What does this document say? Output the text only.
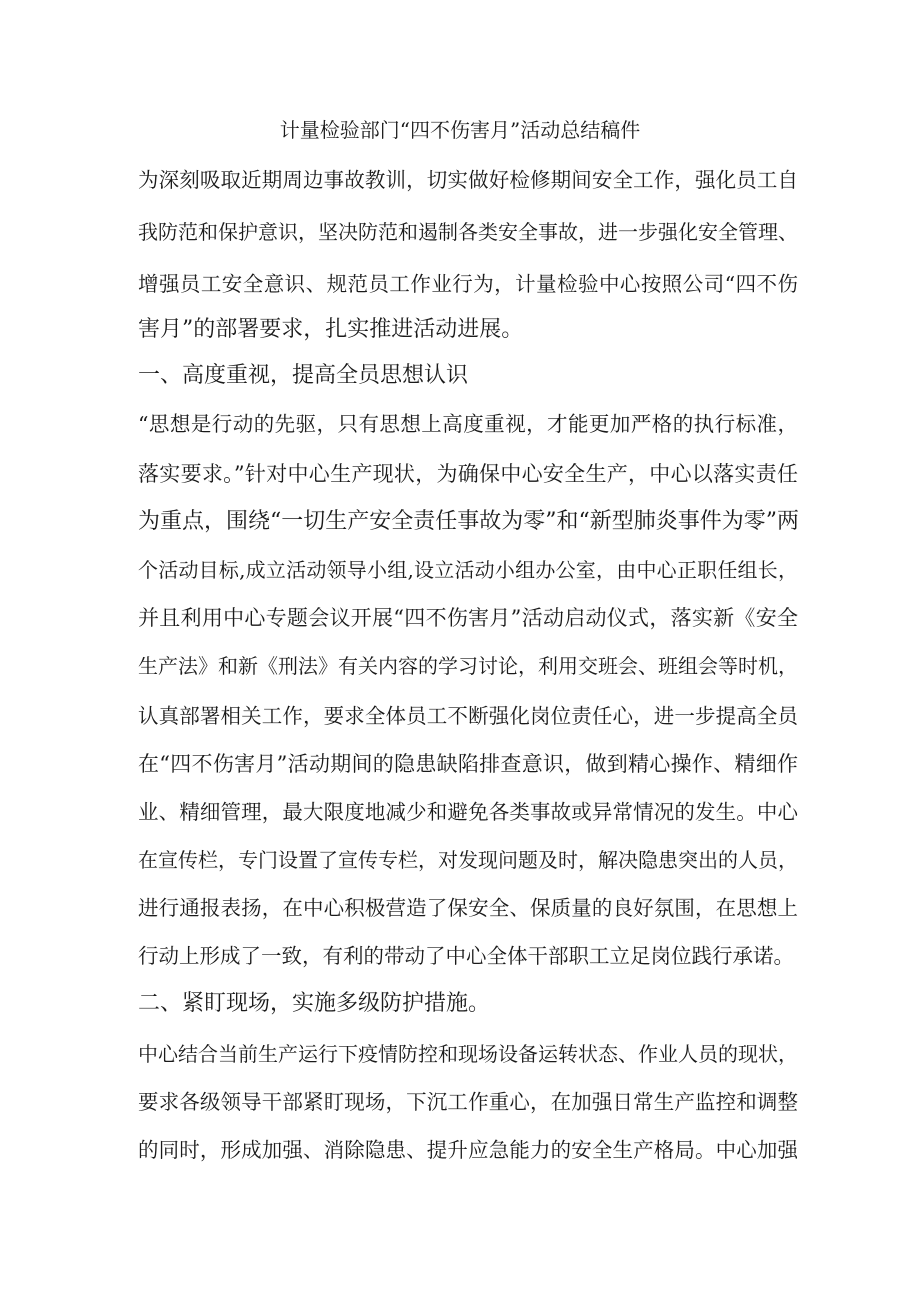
计量检验部门“四不伤害月”活动总结稿件

为深刻吸取近期周边事故教训，切实做好检修期间安全工作，强化员工自

我防范和保护意识，坚决防范和遏制各类安全事故，进一步强化安全管理、

增强员工安全意识、规范员工作业行为，计量检验中心按照公司“四不伤

害月”的部署要求，扎实推进活动进展。

一、高度重视，提高全员思想认识

“思想是行动的先驱，只有思想上高度重视，才能更加严格的执行标准，

落实要求。”针对中心生产现状，为确保中心安全生产，中心以落实责任

为重点，围绕“一切生产安全责任事故为零”和“新型肺炎事件为零”两

个活动目标,成立活动领导小组,设立活动小组办公室，由中心正职任组长，

并且利用中心专题会议开展“四不伤害月”活动启动仪式，落实新《安全

生产法》和新《刑法》有关内容的学习讨论，利用交班会、班组会等时机，

认真部署相关工作，要求全体员工不断强化岗位责任心，进一步提高全员

在“四不伤害月”活动期间的隐患缺陷排查意识，做到精心操作、精细作

业、精细管理，最大限度地减少和避免各类事故或异常情况的发生。中心

在宣传栏，专门设置了宣传专栏，对发现问题及时，解决隐患突出的人员，

进行通报表扬，在中心积极营造了保安全、保质量的良好氛围，在思想上

行动上形成了一致，有利的带动了中心全体干部职工立足岗位践行承诺。

二、紧盯现场，实施多级防护措施。

中心结合当前生产运行下疫情防控和现场设备运转状态、作业人员的现状，

要求各级领导干部紧盯现场，下沉工作重心，在加强日常生产监控和调整

的同时，形成加强、消除隐患、提升应急能力的安全生产格局。中心加强
